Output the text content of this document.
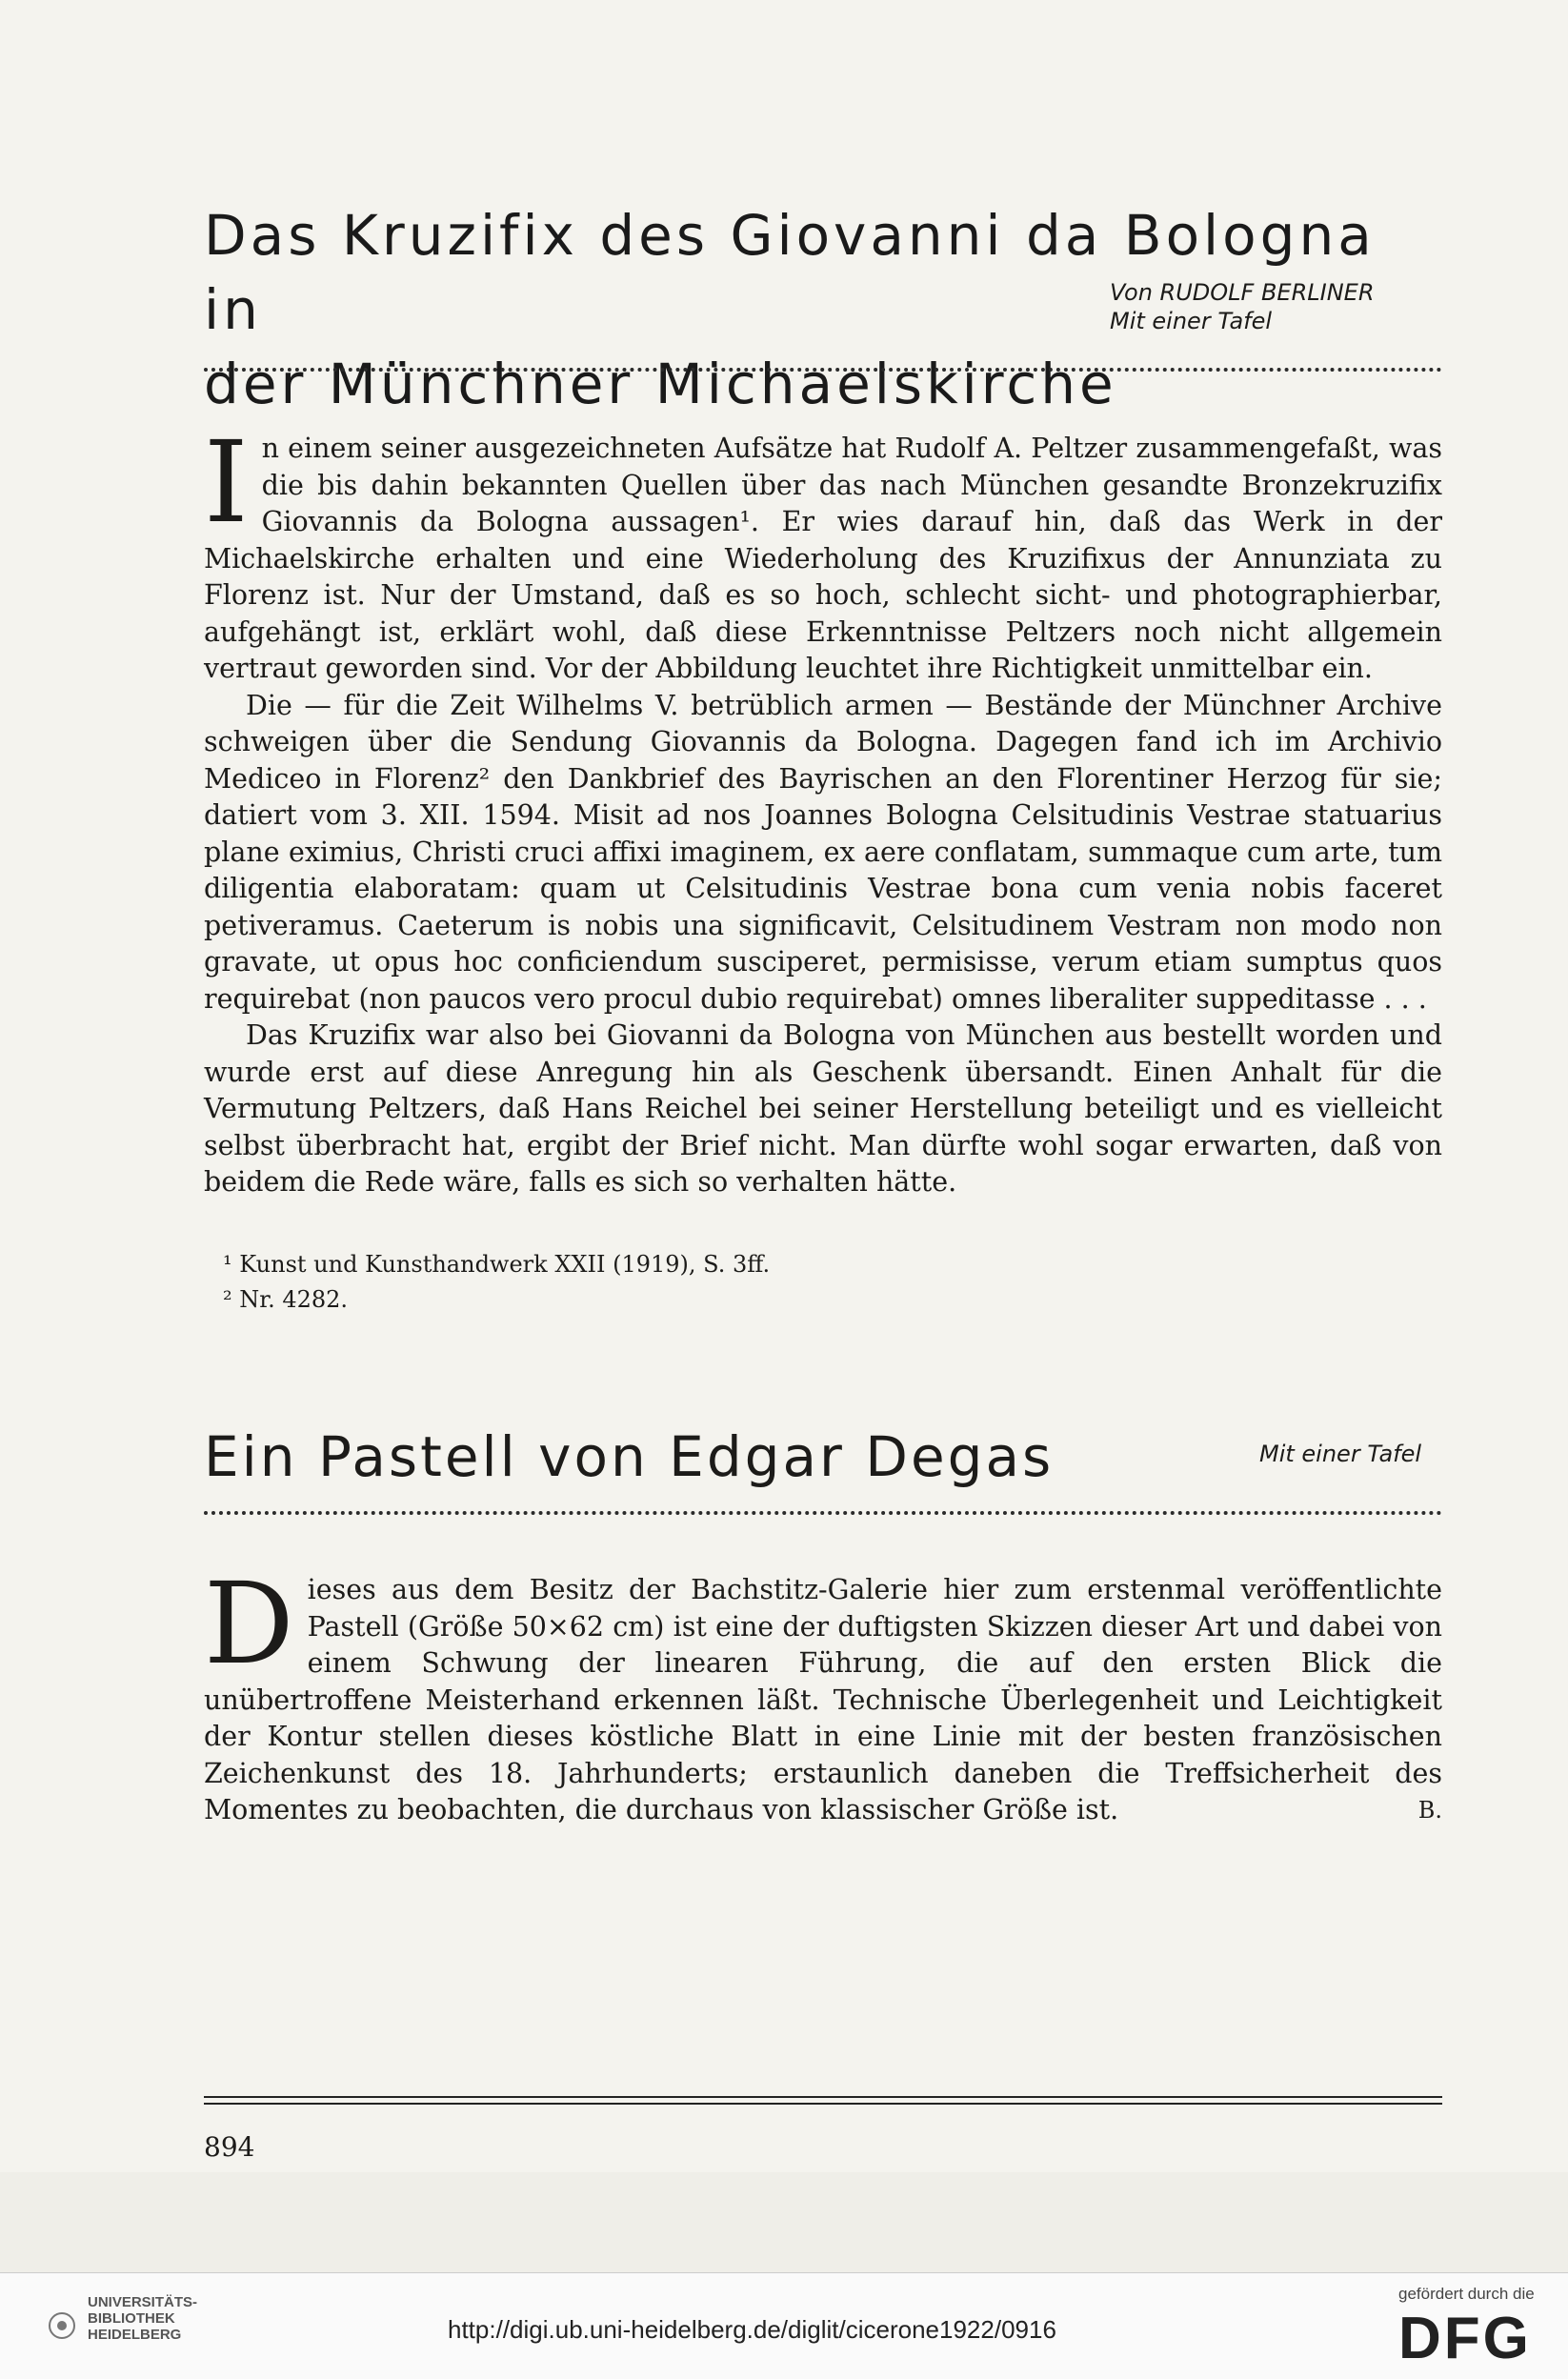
Das Kruzifix des Giovanni da Bologna in
der Münchner Michaelskirche
Von RUDOLF BERLINER
Mit einer Tafel

In einem seiner ausgezeichneten Aufsätze hat Rudolf A. Peltzer zusammengefaßt, was die bis dahin bekannten Quellen über das nach München gesandte Bronzekruzifix Giovannis da Bologna aussagen¹. Er wies darauf hin, daß das Werk in der Michaelskirche erhalten und eine Wiederholung des Kruzifixus der Annunziata zu Florenz ist. Nur der Umstand, daß es so hoch, schlecht sicht- und photographierbar, aufgehängt ist, erklärt wohl, daß diese Erkenntnisse Peltzers noch nicht allgemein vertraut geworden sind. Vor der Abbildung leuchtet ihre Richtigkeit unmittelbar ein.

Die — für die Zeit Wilhelms V. betrüblich armen — Bestände der Münchner Archive schweigen über die Sendung Giovannis da Bologna. Dagegen fand ich im Archivio Mediceo in Florenz² den Dankbrief des Bayrischen an den Florentiner Herzog für sie; datiert vom 3. XII. 1594. Misit ad nos Joannes Bologna Celsitudinis Vestrae statuarius plane eximius, Christi cruci affixi imaginem, ex aere conflatam, summaque cum arte, tum diligentia elaboratam: quam ut Celsitudinis Vestrae bona cum venia nobis faceret petiveramus. Caeterum is nobis una significavit, Celsitudinem Vestram non modo non gravate, ut opus hoc conficiendum susciperet, permisisse, verum etiam sumptus quos requirebat (non paucos vero procul dubio requirebat) omnes liberaliter suppeditasse . . .

Das Kruzifix war also bei Giovanni da Bologna von München aus bestellt worden und wurde erst auf diese Anregung hin als Geschenk übersandt. Einen Anhalt für die Vermutung Peltzers, daß Hans Reichel bei seiner Herstellung beteiligt und es vielleicht selbst überbracht hat, ergibt der Brief nicht. Man dürfte wohl sogar erwarten, daß von beidem die Rede wäre, falls es sich so verhalten hätte.

¹ Kunst und Kunsthandwerk XXII (1919), S. 3ff.
² Nr. 4282.
Ein Pastell von Edgar Degas	Mit einer Tafel

Dieses aus dem Besitz der Bachstitz-Galerie hier zum erstenmal veröffentlichte Pastell (Größe 50×62 cm) ist eine der duftigsten Skizzen dieser Art und dabei von einem Schwung der linearen Führung, die auf den ersten Blick die unübertroffene Meisterhand erkennen läßt. Technische Überlegenheit und Leichtigkeit der Kontur stellen dieses köstliche Blatt in eine Linie mit der besten französischen Zeichenkunst des 18. Jahrhunderts; erstaunlich daneben die Treffsicherheit des Momentes zu beobachten, die durchaus von klassischer Größe ist.	B.

894
UNIVERSITÄTS-
BIBLIOTHEK
HEIDELBERG	http://digi.ub.uni-heidelberg.de/diglit/cicerone1922/0916
gefördert durch die
DFG
